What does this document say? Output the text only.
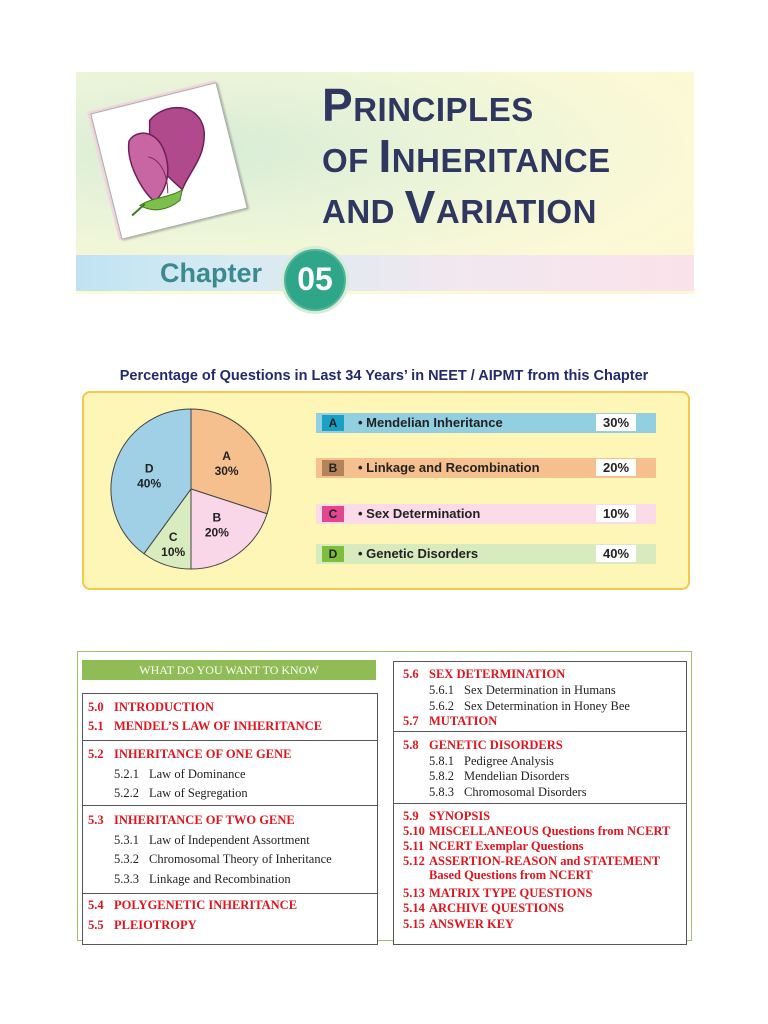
PRINCIPLES
OF INHERITANCE
AND VARIATION
Chapter	05
Percentage of Questions in Last 34 Years’ in NEET / AIPMT from this Chapter
A
30%
B
20%
C
10%
D
40%
A	• Mendelian Inheritance	30%
B	• Linkage and Recombination	20%
C	• Sex Determination	10%
D	• Genetic Disorders	40%
WHAT DO YOU WANT TO KNOW
5.0 INTRODUCTION
5.1 MENDEL’S LAW OF INHERITANCE
5.2 INHERITANCE OF ONE GENE
5.2.1 Law of Dominance
5.2.2 Law of Segregation
5.3 INHERITANCE OF TWO GENE
5.3.1 Law of Independent Assortment
5.3.2 Chromosomal Theory of Inheritance
5.3.3 Linkage and Recombination
5.4 POLYGENETIC INHERITANCE
5.5 PLEIOTROPY
5.6 SEX DETERMINATION
5.6.1 Sex Determination in Humans
5.6.2 Sex Determination in Honey Bee
5.7 MUTATION
5.8 GENETIC DISORDERS
5.8.1 Pedigree Analysis
5.8.2 Mendelian Disorders
5.8.3 Chromosomal Disorders
5.9 SYNOPSIS
5.10 MISCELLANEOUS Questions from NCERT
5.11 NCERT Exemplar Questions
5.12 ASSERTION-REASON and STATEMENT
Based Questions from NCERT
5.13 MATRIX TYPE QUESTIONS
5.14 ARCHIVE QUESTIONS
5.15 ANSWER KEY
